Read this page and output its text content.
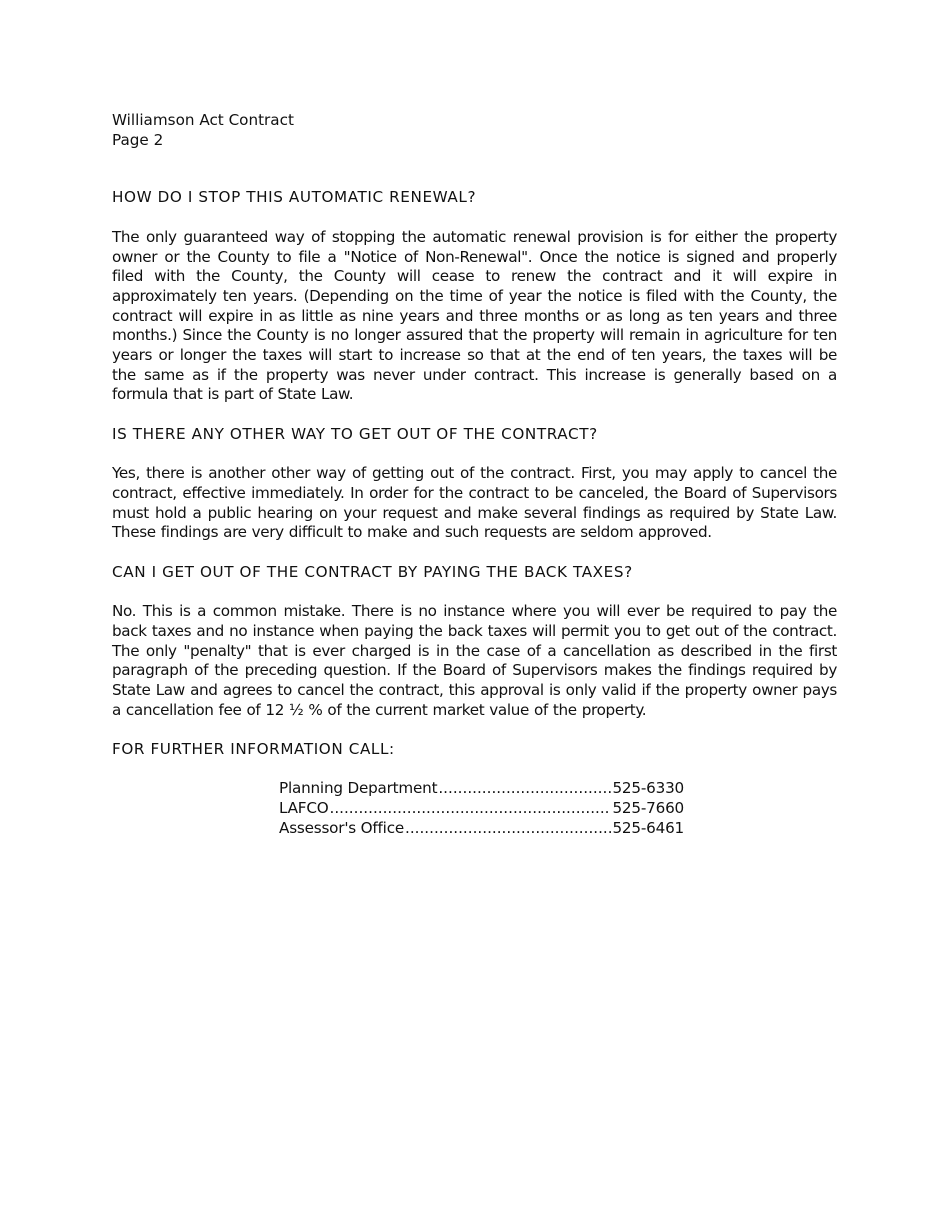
Williamson Act Contract

Page 2

HOW DO I STOP THIS AUTOMATIC RENEWAL?

The only guaranteed way of stopping the automatic renewal provision is for either the property owner or the County to file a "Notice of Non-Renewal". Once the notice is signed and properly filed with the County, the County will cease to renew the contract and it will expire in approximately ten years. (Depending on the time of year the notice is filed with the County, the contract will expire in as little as nine years and three months or as long as ten years and three months.) Since the County is no longer assured that the property will remain in agriculture for ten years or longer the taxes will start to increase so that at the end of ten years, the taxes will be the same as if the property was never under contract. This increase is generally based on a formula that is part of State Law.

IS THERE ANY OTHER WAY TO GET OUT OF THE CONTRACT?

Yes, there is another other way of getting out of the contract. First, you may apply to cancel the contract, effective immediately. In order for the contract to be canceled, the Board of Supervisors must hold a public hearing on your request and make several findings as required by State Law. These findings are very difficult to make and such requests are seldom approved.

CAN I GET OUT OF THE CONTRACT BY PAYING THE BACK TAXES?

No. This is a common mistake. There is no instance where you will ever be required to pay the back taxes and no instance when paying the back taxes will permit you to get out of the contract. The only "penalty" that is ever charged is in the case of a cancellation as described in the first paragraph of the preceding question. If the Board of Supervisors makes the findings required by State Law and agrees to cancel the contract, this approval is only valid if the property owner pays a cancellation fee of 12 ½ % of the current market value of the property.

FOR FURTHER INFORMATION CALL:

Planning Department .....	525-6330
LAFCO .....	525-7660
Assessor's Office .....	525-6461
